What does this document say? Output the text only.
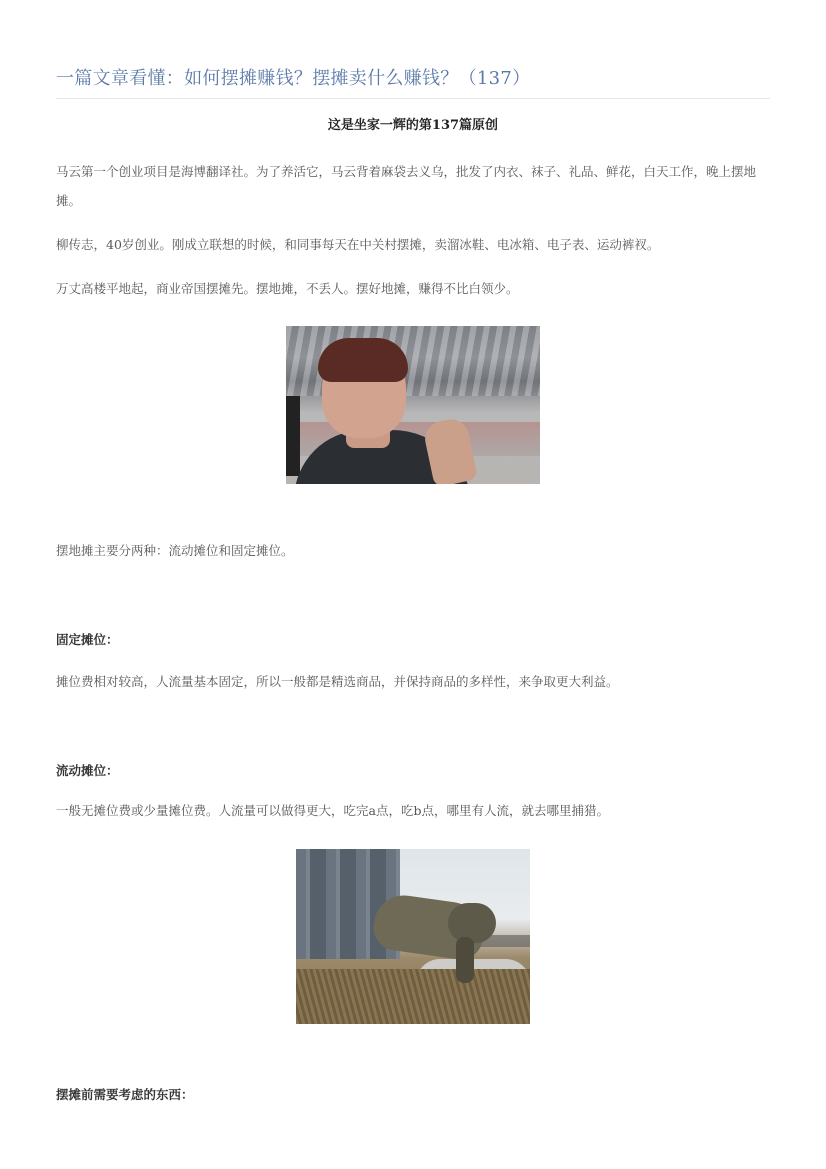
一篇文章看懂：如何摆摊赚钱？摆摊卖什么赚钱？（137）
这是坐家一辉的第137篇原创
马云第一个创业项目是海博翻译社。为了养活它，马云背着麻袋去义乌，批发了内衣、袜子、礼品、鲜花，白天工作，晚上摆地摊。
柳传志，40岁创业。刚成立联想的时候，和同事每天在中关村摆摊，卖溜冰鞋、电冰箱、电子表、运动裤衩。
万丈高楼平地起，商业帝国摆摊先。摆地摊，不丢人。摆好地摊，赚得不比白领少。
摆地摊主要分两种：流动摊位和固定摊位。
固定摊位：
摊位费相对较高，人流量基本固定，所以一般都是精选商品，并保持商品的多样性，来争取更大利益。
流动摊位：
一般无摊位费或少量摊位费。人流量可以做得更大，吃完a点，吃b点，哪里有人流，就去哪里捕猎。
摆摊前需要考虑的东西：
